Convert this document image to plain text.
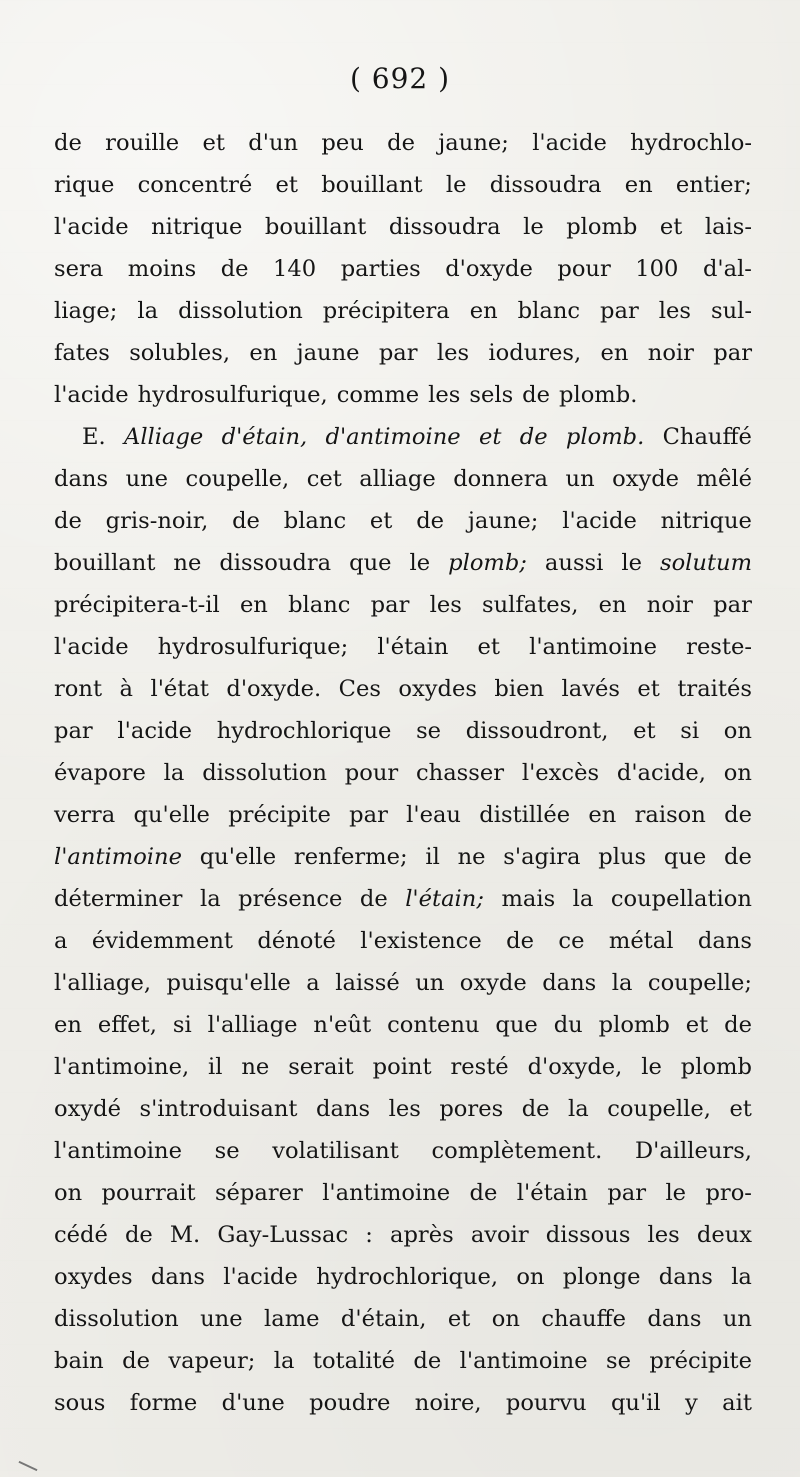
( 692 )
de rouille et d'un peu de jaune; l'acide hydrochlo-
rique concentré et bouillant le dissoudra en entier;
l'acide nitrique bouillant dissoudra le plomb et lais-
sera moins de 140 parties d'oxyde pour 100 d'al-
liage; la dissolution précipitera en blanc par les sul-
fates solubles, en jaune par les iodures, en noir par
l'acide hydrosulfurique, comme les sels de plomb.
E. Alliage d'étain, d'antimoine et de plomb. Chauffé
dans une coupelle, cet alliage donnera un oxyde mêlé
de gris-noir, de blanc et de jaune; l'acide nitrique
bouillant ne dissoudra que le plomb; aussi le solutum
précipitera-t-il en blanc par les sulfates, en noir par
l'acide hydrosulfurique; l'étain et l'antimoine reste-
ront à l'état d'oxyde. Ces oxydes bien lavés et traités
par l'acide hydrochlorique se dissoudront, et si on
évapore la dissolution pour chasser l'excès d'acide, on
verra qu'elle précipite par l'eau distillée en raison de
l'antimoine qu'elle renferme; il ne s'agira plus que de
déterminer la présence de l'étain; mais la coupellation
a évidemment dénoté l'existence de ce métal dans
l'alliage, puisqu'elle a laissé un oxyde dans la coupelle;
en effet, si l'alliage n'eût contenu que du plomb et de
l'antimoine, il ne serait point resté d'oxyde, le plomb
oxydé s'introduisant dans les pores de la coupelle, et
l'antimoine se volatilisant complètement. D'ailleurs,
on pourrait séparer l'antimoine de l'étain par le pro-
cédé de M. Gay-Lussac : après avoir dissous les deux
oxydes dans l'acide hydrochlorique, on plonge dans la
dissolution une lame d'étain, et on chauffe dans un
bain de vapeur; la totalité de l'antimoine se précipite
sous forme d'une poudre noire, pourvu qu'il y ait
